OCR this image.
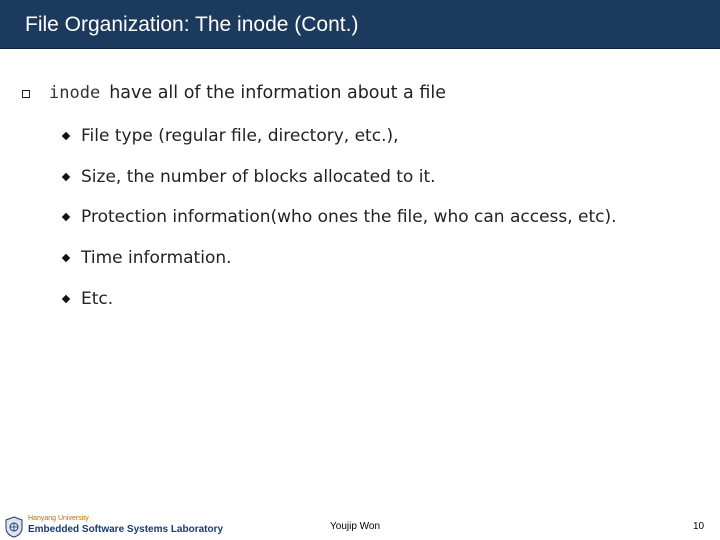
File Organization: The inode (Cont.)
inode have all of the information about a file
File type (regular file, directory, etc.),
Size, the number of blocks allocated to it.
Protection information(who ones the file, who can access, etc).
Time information.
Etc.
Hanyang University
Embedded Software Systems Laboratory	Youjip Won	10
